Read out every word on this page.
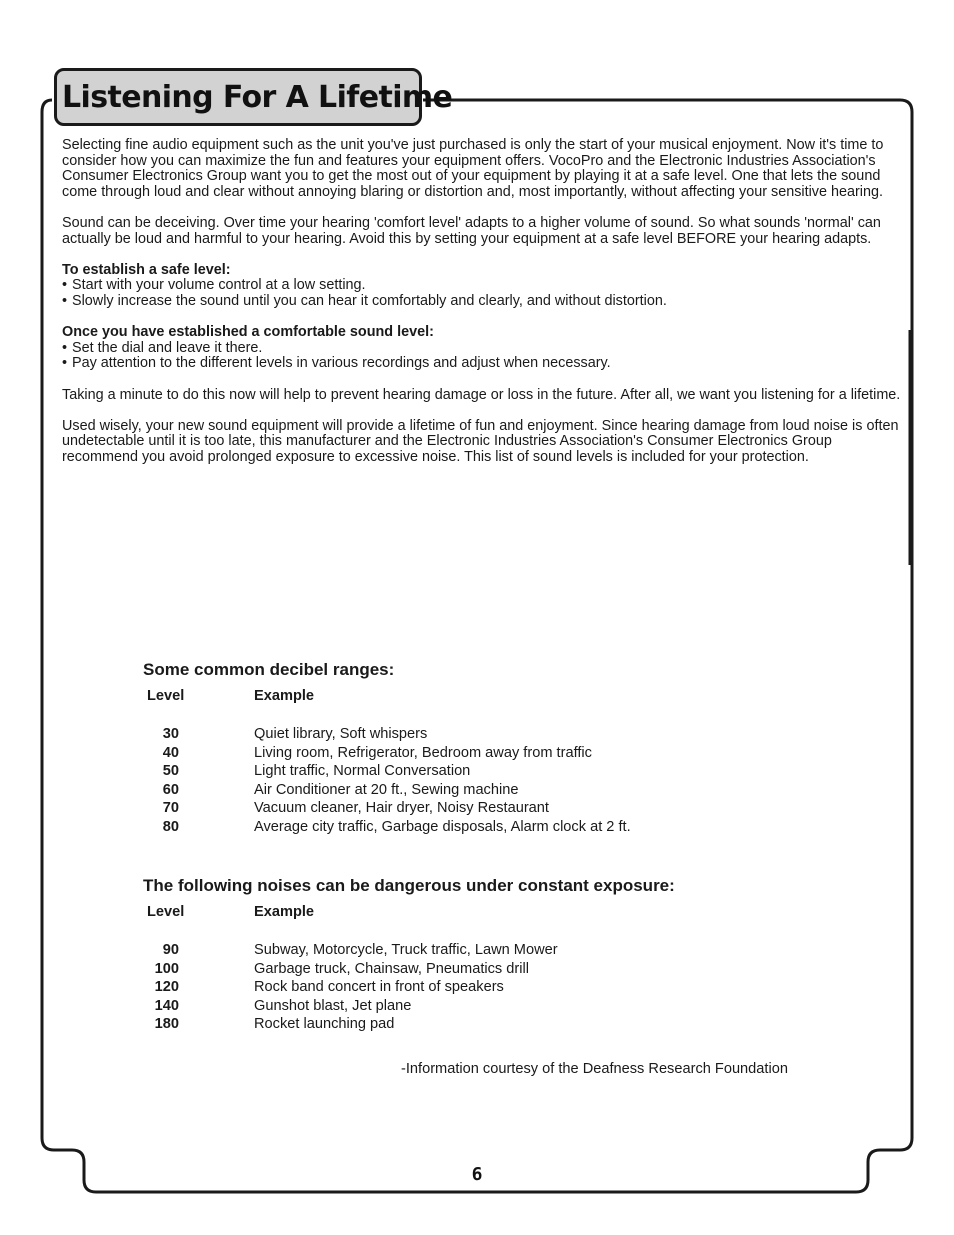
Listening For A Lifetime

Selecting fine audio equipment such as the unit you've just purchased is only the start of your musical enjoyment. Now it's time to consider how you can maximize the fun and features your equipment offers. VocoPro and the Electronic Industries Association's Consumer Electronics Group want you to get the most out of your equipment by playing it at a safe level. One that lets the sound come through loud and clear without annoying blaring or distortion and, most importantly, without affecting your sensitive hearing.

Sound can be deceiving. Over time your hearing 'comfort level' adapts to a higher volume of sound. So what sounds 'normal' can actually be loud and harmful to your hearing. Avoid this by setting your equipment at a safe level BEFORE your hearing adapts.

To establish a safe level:
• Start with your volume control at a low setting.
• Slowly increase the sound until you can hear it comfortably and clearly, and without distortion.
Once you have established a comfortable sound level:
• Set the dial and leave it there.
• Pay attention to the different levels in various recordings and adjust when necessary.

Taking a minute to do this now will help to prevent hearing damage or loss in the future. After all, we want you listening for a lifetime.

Used wisely, your new sound equipment will provide a lifetime of fun and enjoyment. Since hearing damage from loud noise is often undetectable until it is too late, this manufacturer and the Electronic Industries Association's Consumer Electronics Group recommend you avoid prolonged exposure to excessive noise. This list of sound levels is included for your protection.

Some common decibel ranges:
Level	Example
30	Quiet library, Soft whispers
40	Living room, Refrigerator, Bedroom away from traffic
50	Light traffic, Normal Conversation
60	Air Conditioner at 20 ft., Sewing machine
70	Vacuum cleaner, Hair dryer, Noisy Restaurant
80	Average city traffic, Garbage disposals, Alarm clock at 2 ft.
The following noises can be dangerous under constant exposure:
Level	Example
90	Subway, Motorcycle, Truck traffic, Lawn Mower
100	Garbage truck, Chainsaw, Pneumatics drill
120	Rock band concert in front of speakers
140	Gunshot blast, Jet plane
180	Rocket launching pad
-Information courtesy of the Deafness Research Foundation
6
